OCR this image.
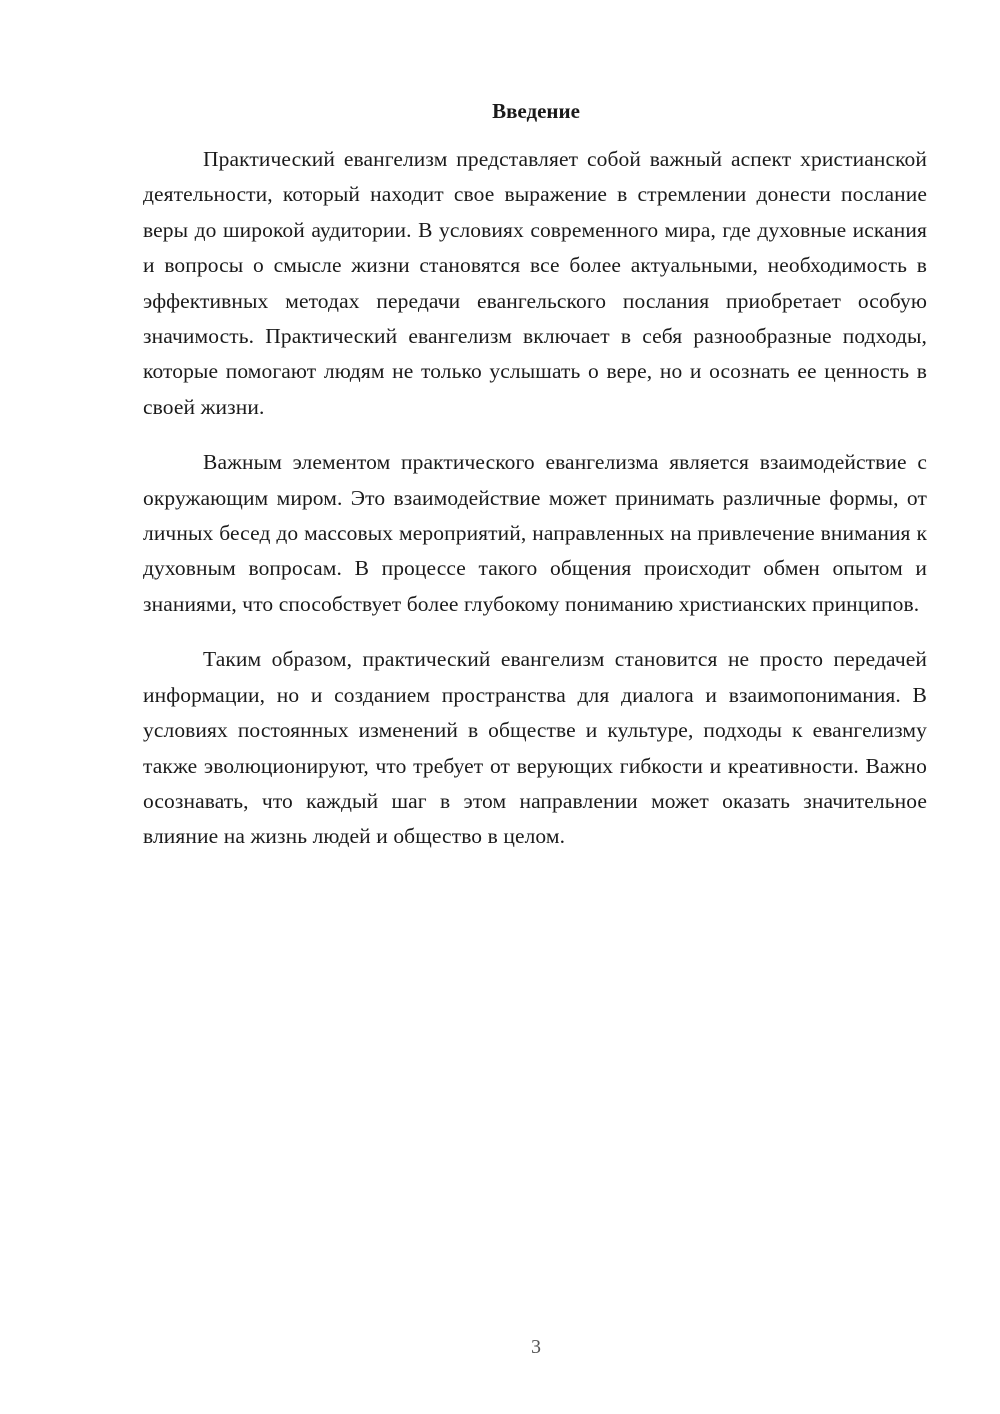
Введение

Практический евангелизм представляет собой важный аспект христианской деятельности, который находит свое выражение в стремлении донести послание веры до широкой аудитории. В условиях современного мира, где духовные искания и вопросы о смысле жизни становятся все более актуальными, необходимость в эффективных методах передачи евангельского послания приобретает особую значимость. Практический евангелизм включает в себя разнообразные подходы, которые помогают людям не только услышать о вере, но и осознать ее ценность в своей жизни.

Важным элементом практического евангелизма является взаимодействие с окружающим миром. Это взаимодействие может принимать различные формы, от личных бесед до массовых мероприятий, направленных на привлечение внимания к духовным вопросам. В процессе такого общения происходит обмен опытом и знаниями, что способствует более глубокому пониманию христианских принципов.

Таким образом, практический евангелизм становится не просто передачей информации, но и созданием пространства для диалога и взаимопонимания. В условиях постоянных изменений в обществе и культуре, подходы к евангелизму также эволюционируют, что требует от верующих гибкости и креативности. Важно осознавать, что каждый шаг в этом направлении может оказать значительное влияние на жизнь людей и общество в целом.

3
